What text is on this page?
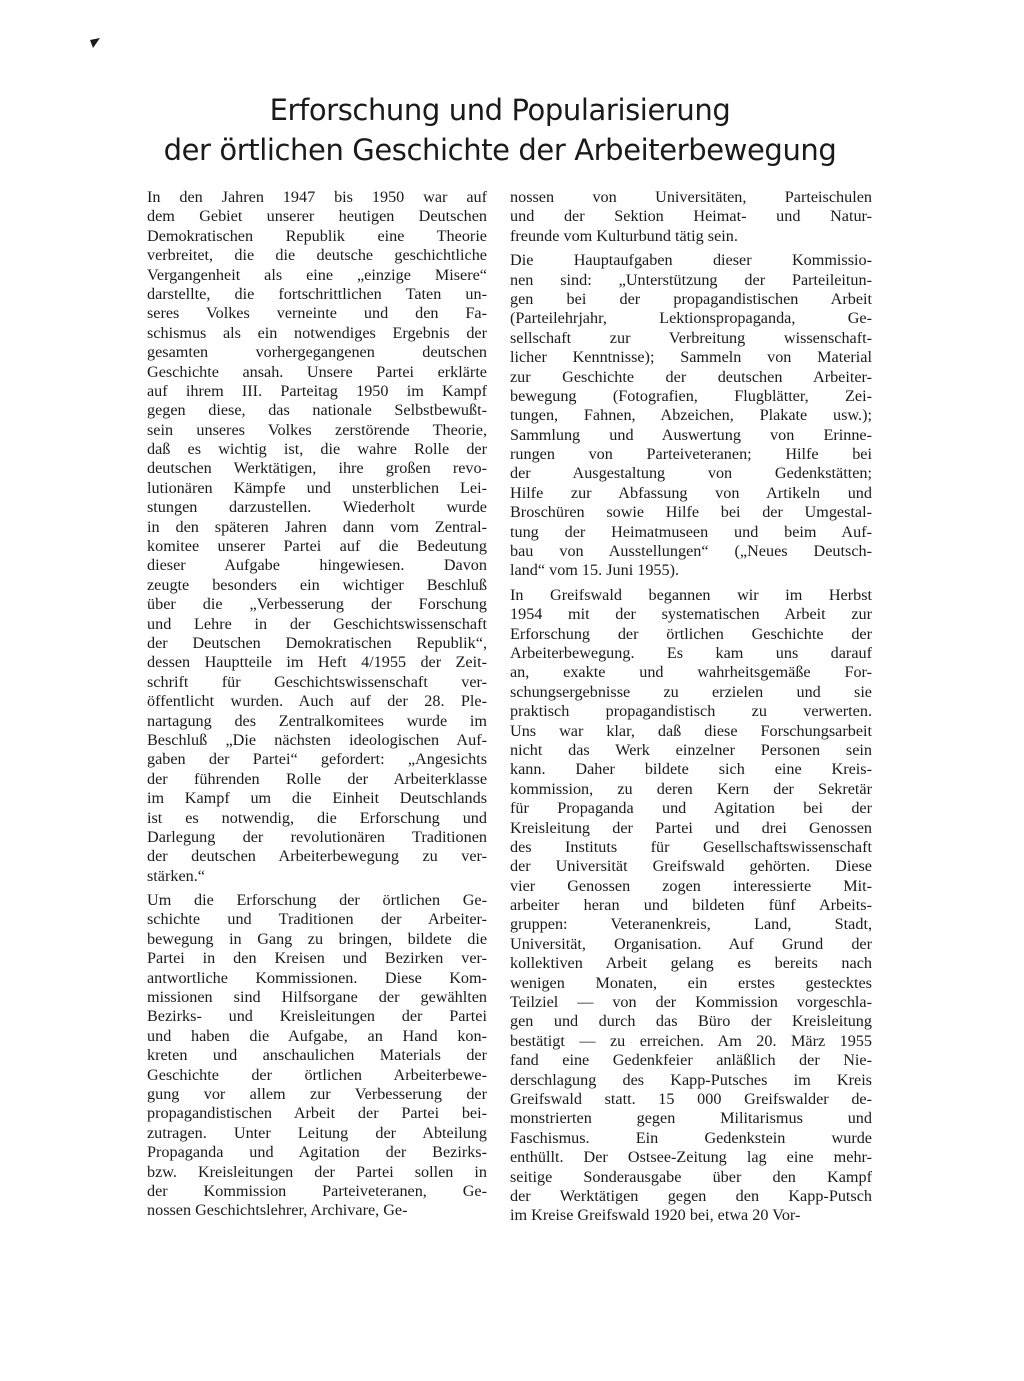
Erforschung und Popularisierung
der örtlichen Geschichte der Arbeiterbewegung
In den Jahren 1947 bis 1950 war auf
dem Gebiet unserer heutigen Deutschen
Demokratischen Republik eine Theorie
verbreitet, die die deutsche geschichtliche
Vergangenheit als eine „einzige Misere“
darstellte, die fortschrittlichen Taten un-
seres Volkes verneinte und den Fa-
schismus als ein notwendiges Ergebnis der
gesamten vorhergegangenen deutschen
Geschichte ansah. Unsere Partei erklärte
auf ihrem III. Parteitag 1950 im Kampf
gegen diese, das nationale Selbstbewußt-
sein unseres Volkes zerstörende Theorie,
daß es wichtig ist, die wahre Rolle der
deutschen Werktätigen, ihre großen revo-
lutionären Kämpfe und unsterblichen Lei-
stungen darzustellen. Wiederholt wurde
in den späteren Jahren dann vom Zentral-
komitee unserer Partei auf die Bedeutung
dieser Aufgabe hingewiesen. Davon
zeugte besonders ein wichtiger Beschluß
über die „Verbesserung der Forschung
und Lehre in der Geschichtswissenschaft
der Deutschen Demokratischen Republik“,
dessen Hauptteile im Heft 4/1955 der Zeit-
schrift für Geschichtswissenschaft ver-
öffentlicht wurden. Auch auf der 28. Ple-
nartagung des Zentralkomitees wurde im
Beschluß „Die nächsten ideologischen Auf-
gaben der Partei“ gefordert: „Angesichts
der führenden Rolle der Arbeiterklasse
im Kampf um die Einheit Deutschlands
ist es notwendig, die Erforschung und
Darlegung der revolutionären Traditionen
der deutschen Arbeiterbewegung zu ver-
stärken.“
Um die Erforschung der örtlichen Ge-
schichte und Traditionen der Arbeiter-
bewegung in Gang zu bringen, bildete die
Partei in den Kreisen und Bezirken ver-
antwortliche Kommissionen. Diese Kom-
missionen sind Hilfsorgane der gewählten
Bezirks- und Kreisleitungen der Partei
und haben die Aufgabe, an Hand kon-
kreten und anschaulichen Materials der
Geschichte der örtlichen Arbeiterbewe-
gung vor allem zur Verbesserung der
propagandistischen Arbeit der Partei bei-
zutragen. Unter Leitung der Abteilung
Propaganda und Agitation der Bezirks-
bzw. Kreisleitungen der Partei sollen in
der Kommission Parteiveteranen, Ge-
nossen Geschichtslehrer, Archivare, Ge-
nossen von Universitäten, Parteischulen
und der Sektion Heimat- und Natur-
freunde vom Kulturbund tätig sein.
Die Hauptaufgaben dieser Kommissio-
nen sind: „Unterstützung der Parteileitun-
gen bei der propagandistischen Arbeit
(Parteilehrjahr, Lektionspropaganda, Ge-
sellschaft zur Verbreitung wissenschaft-
licher Kenntnisse); Sammeln von Material
zur Geschichte der deutschen Arbeiter-
bewegung (Fotografien, Flugblätter, Zei-
tungen, Fahnen, Abzeichen, Plakate usw.);
Sammlung und Auswertung von Erinne-
rungen von Parteiveteranen; Hilfe bei
der Ausgestaltung von Gedenkstätten;
Hilfe zur Abfassung von Artikeln und
Broschüren sowie Hilfe bei der Umgestal-
tung der Heimatmuseen und beim Auf-
bau von Ausstellungen“ („Neues Deutsch-
land“ vom 15. Juni 1955).
In Greifswald begannen wir im Herbst
1954 mit der systematischen Arbeit zur
Erforschung der örtlichen Geschichte der
Arbeiterbewegung. Es kam uns darauf
an, exakte und wahrheitsgemäße For-
schungsergebnisse zu erzielen und sie
praktisch propagandistisch zu verwerten.
Uns war klar, daß diese Forschungsarbeit
nicht das Werk einzelner Personen sein
kann. Daher bildete sich eine Kreis-
kommission, zu deren Kern der Sekretär
für Propaganda und Agitation bei der
Kreisleitung der Partei und drei Genossen
des Instituts für Gesellschaftswissenschaft
der Universität Greifswald gehörten. Diese
vier Genossen zogen interessierte Mit-
arbeiter heran und bildeten fünf Arbeits-
gruppen: Veteranenkreis, Land, Stadt,
Universität, Organisation. Auf Grund der
kollektiven Arbeit gelang es bereits nach
wenigen Monaten, ein erstes gestecktes
Teilziel — von der Kommission vorgeschla-
gen und durch das Büro der Kreisleitung
bestätigt — zu erreichen. Am 20. März 1955
fand eine Gedenkfeier anläßlich der Nie-
derschlagung des Kapp-Putsches im Kreis
Greifswald statt. 15 000 Greifswalder de-
monstrierten gegen Militarismus und
Faschismus. Ein Gedenkstein wurde
enthüllt. Der Ostsee-Zeitung lag eine mehr-
seitige Sonderausgabe über den Kampf
der Werktätigen gegen den Kapp-Putsch
im Kreise Greifswald 1920 bei, etwa 20 Vor-
